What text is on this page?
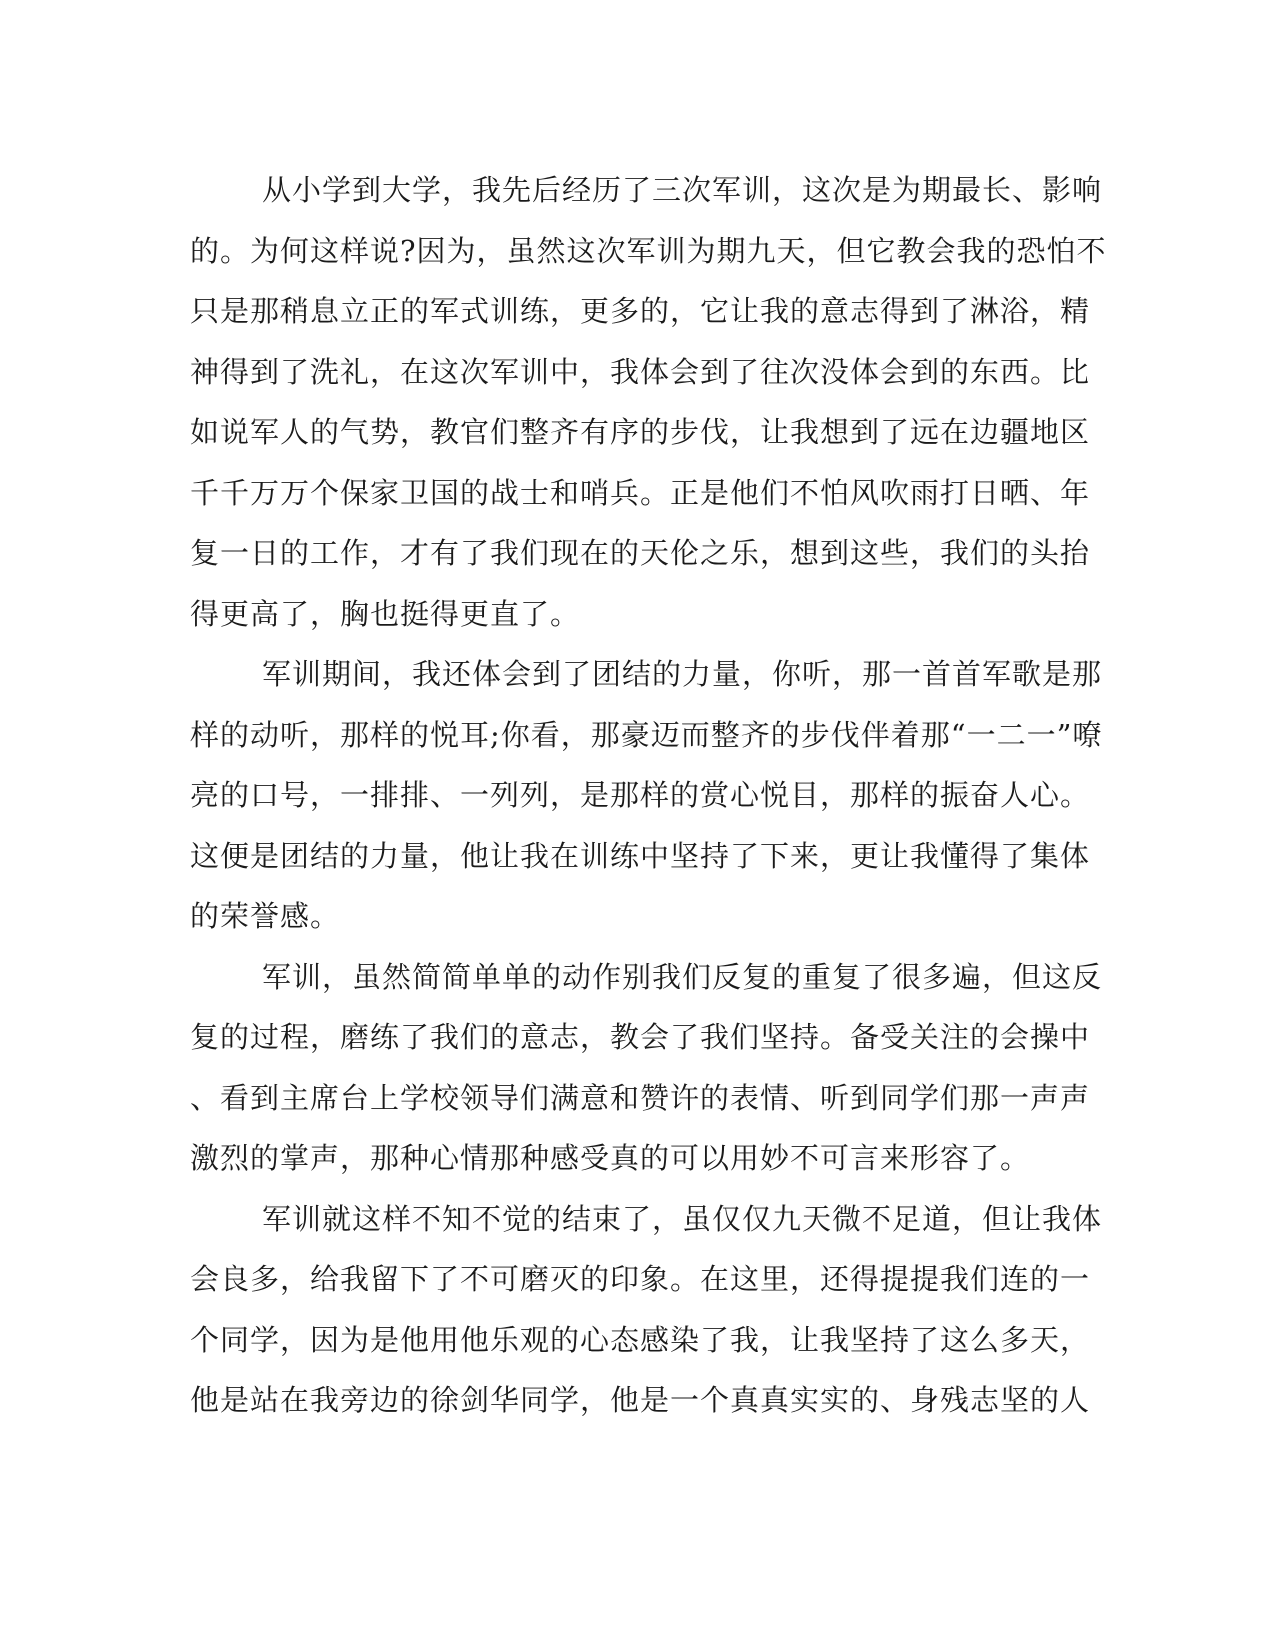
从小学到大学，我先后经历了三次军训，这次是为期最长、影响
的。为何这样说?因为，虽然这次军训为期九天，但它教会我的恐怕不
只是那稍息立正的军式训练，更多的，它让我的意志得到了淋浴，精
神得到了洗礼，在这次军训中，我体会到了往次没体会到的东西。比
如说军人的气势，教官们整齐有序的步伐，让我想到了远在边疆地区
千千万万个保家卫国的战士和哨兵。正是他们不怕风吹雨打日晒、年
复一日的工作，才有了我们现在的天伦之乐，想到这些，我们的头抬
得更高了，胸也挺得更直了。
军训期间，我还体会到了团结的力量，你听，那一首首军歌是那
样的动听，那样的悦耳;你看，那豪迈而整齐的步伐伴着那“一二一”嘹
亮的口号，一排排、一列列，是那样的赏心悦目，那样的振奋人心。
这便是团结的力量，他让我在训练中坚持了下来，更让我懂得了集体
的荣誉感。
军训，虽然简简单单的动作别我们反复的重复了很多遍，但这反
复的过程，磨练了我们的意志，教会了我们坚持。备受关注的会操中
、看到主席台上学校领导们满意和赞许的表情、听到同学们那一声声
激烈的掌声，那种心情那种感受真的可以用妙不可言来形容了。
军训就这样不知不觉的结束了，虽仅仅九天微不足道，但让我体
会良多，给我留下了不可磨灭的印象。在这里，还得提提我们连的一
个同学，因为是他用他乐观的心态感染了我，让我坚持了这么多天，
他是站在我旁边的徐剑华同学，他是一个真真实实的、身残志坚的人
